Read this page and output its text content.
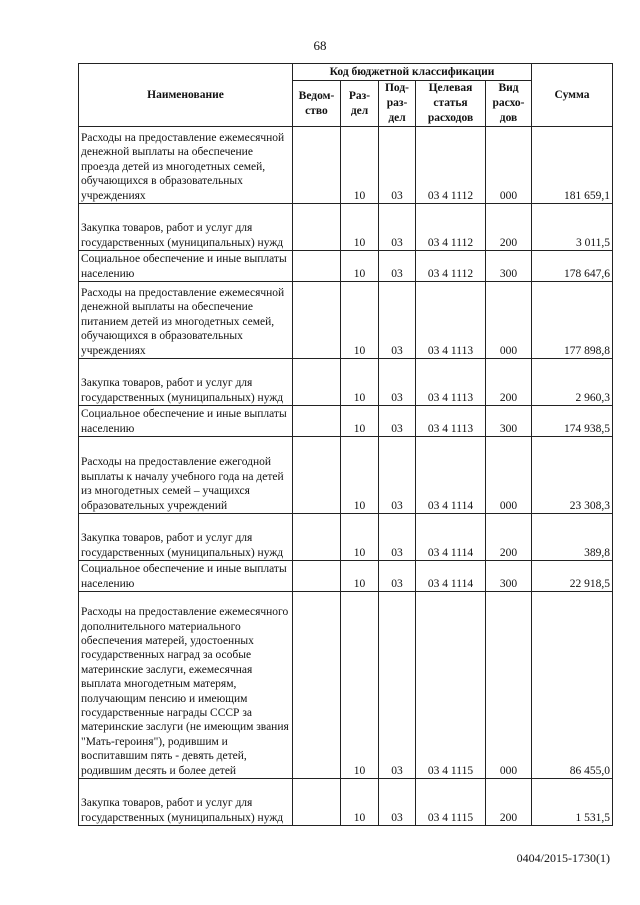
68
Наименование	Код бюджетной классификации					Сумма
	Ведом-ство	Раз-дел	Под-раз-дел	Целевая статья расходов	Вид расхо-дов	
Расходы на предоставление ежемесячной денежной выплаты на обеспечение проезда детей из многодетных семей, обучающихся в образовательных учреждениях		10	03	03 4 1112	000	181 659,1
Закупка товаров, работ и услуг для государственных (муниципальных) нужд		10	03	03 4 1112	200	3 011,5
Социальное обеспечение и иные выплаты населению		10	03	03 4 1112	300	178 647,6
Расходы на предоставление ежемесячной денежной выплаты на обеспечение питанием детей из многодетных семей, обучающихся в образовательных учреждениях		10	03	03 4 1113	000	177 898,8
Закупка товаров, работ и услуг для государственных (муниципальных) нужд		10	03	03 4 1113	200	2 960,3
Социальное обеспечение и иные выплаты населению		10	03	03 4 1113	300	174 938,5
Расходы на предоставление ежегодной выплаты к началу учебного года на детей из многодетных семей – учащихся образовательных учреждений		10	03	03 4 1114	000	23 308,3
Закупка товаров, работ и услуг для государственных (муниципальных) нужд		10	03	03 4 1114	200	389,8
Социальное обеспечение и иные выплаты населению		10	03	03 4 1114	300	22 918,5
Расходы на предоставление ежемесячного дополнительного материального обеспечения матерей, удостоенных государственных наград за особые материнские заслуги, ежемесячная выплата многодетным матерям, получающим пенсию и имеющим государственные награды СССР за материнские заслуги (не имеющим звания "Мать-героиня"), родившим и воспитавшим пять - девять детей, родившим десять и более детей		10	03	03 4 1115	000	86 455,0
Закупка товаров, работ и услуг для государственных (муниципальных) нужд		10	03	03 4 1115	200	1 531,5
0404/2015-1730(1)
